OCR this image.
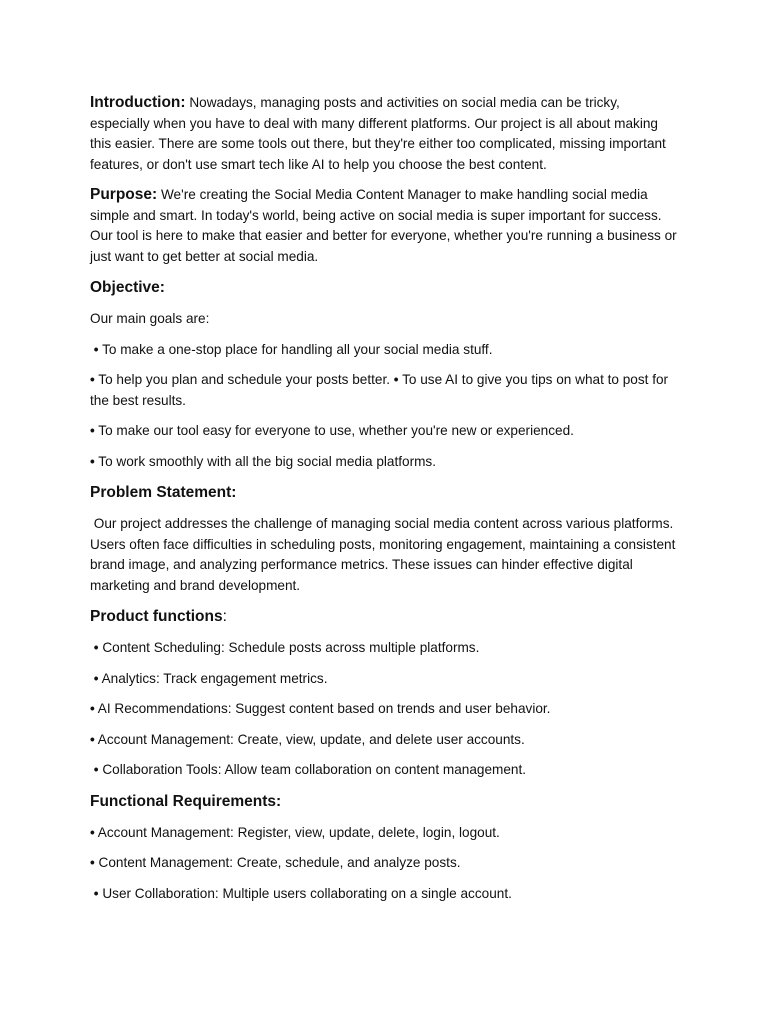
Introduction: Nowadays, managing posts and activities on social media can be tricky, especially when you have to deal with many different platforms. Our project is all about making this easier. There are some tools out there, but they're either too complicated, missing important features, or don't use smart tech like AI to help you choose the best content.

Purpose: We're creating the Social Media Content Manager to make handling social media simple and smart. In today's world, being active on social media is super important for success. Our tool is here to make that easier and better for everyone, whether you're running a business or just want to get better at social media.

Objective:

Our main goals are:

• To make a one-stop place for handling all your social media stuff.

• To help you plan and schedule your posts better. • To use AI to give you tips on what to post for the best results.

• To make our tool easy for everyone to use, whether you're new or experienced.

• To work smoothly with all the big social media platforms.

Problem Statement:

Our project addresses the challenge of managing social media content across various platforms. Users often face difficulties in scheduling posts, monitoring engagement, maintaining a consistent brand image, and analyzing performance metrics. These issues can hinder effective digital marketing and brand development.

Product functions:

• Content Scheduling: Schedule posts across multiple platforms.

• Analytics: Track engagement metrics.

• AI Recommendations: Suggest content based on trends and user behavior.

• Account Management: Create, view, update, and delete user accounts.

• Collaboration Tools: Allow team collaboration on content management.

Functional Requirements:

• Account Management: Register, view, update, delete, login, logout.

• Content Management: Create, schedule, and analyze posts.

• User Collaboration: Multiple users collaborating on a single account.
